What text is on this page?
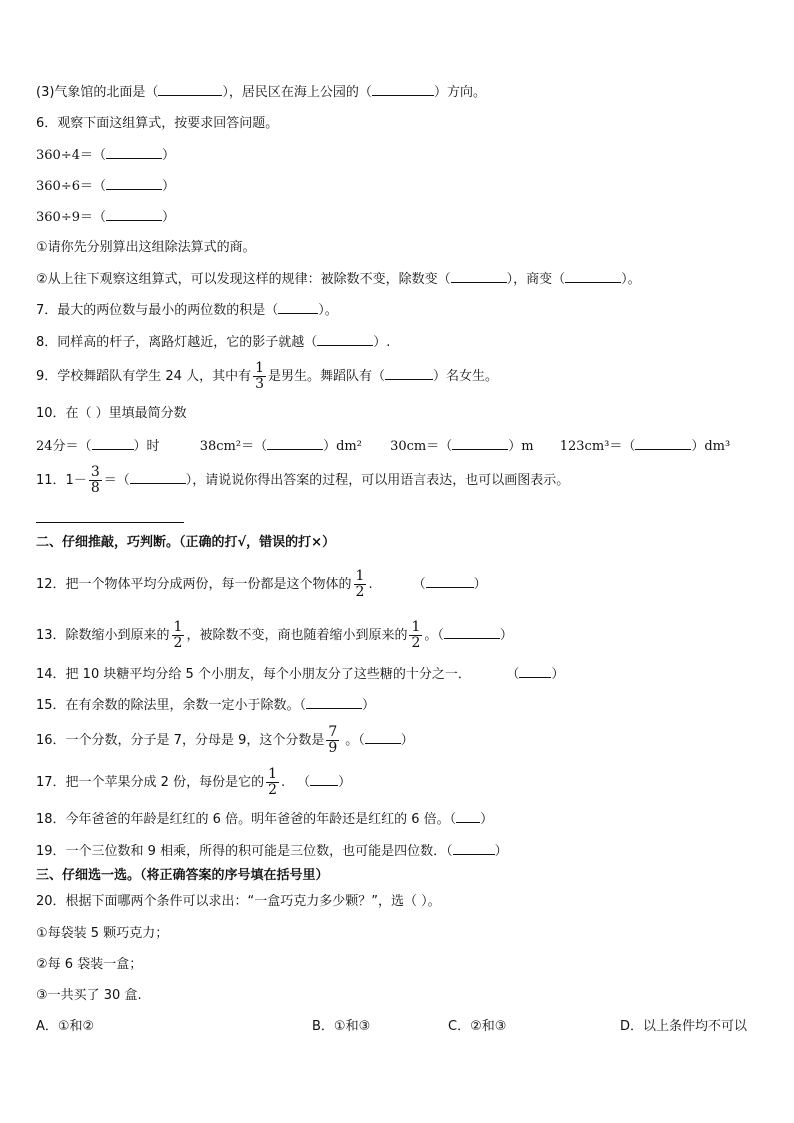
(3)气象馆的北面是（	），居民区在海上公园的（	）方向。
6．观察下面这组算式，按要求回答问题。
360÷4＝（	）
360÷6＝（	）
360÷9＝（	）
①请你先分别算出这组除法算式的商。
②从上往下观察这组算式，可以发现这样的规律：被除数不变，除数变（	），商变（	）。
7．最大的两位数与最小的两位数的积是（	）。
8．同样高的杆子，离路灯越近，它的影子就越（	）.
9．学校舞蹈队有学生 24 人，其中有 $\frac{1}{3}$ 是男生。舞蹈队有（	）名女生。
10．在（ ）里填最简分数
24分＝（	）时	38cm²＝（	）dm² 30cm＝（	）m 123cm³＝（	）dm³
11．$1- \frac{3}{8}$ ＝（	），请说说你得出答案的过程，可以用语言表达，也可以画图表示。
二、仔细推敲，巧判断。（正确的打√，错误的打×）
12．把一个物体平均分成两份，每一份都是这个物体的 $\frac{1}{2}$ .	（	）
13．除数缩小到原来的 $\frac{1}{2}$ ，被除数不变，商也随着缩小到原来的 $\frac{1}{2}$ 。（	）
14．把 10 块糖平均分给 5 个小朋友，每个小朋友分了这些糖的十分之一．	（ ）
15．在有余数的除法里，余数一定小于除数。（	）
16．一个分数，分子是 7，分母是 9，这个分数是 $\frac{7}{9}$ 。（	）
17．把一个苹果分成 2 份，每份是它的 $\frac{1}{2}$ . （ ）
18．今年爸爸的年龄是红红的 6 倍。明年爸爸的年龄还是红红的 6 倍。（ ）
19．一个三位数和 9 相乘，所得的积可能是三位数，也可能是四位数．（	）
三、仔细选一选。（将正确答案的序号填在括号里）
20．根据下面哪两个条件可以求出：“一盒巧克力多少颗？”，选（ ）。
①每袋装 5 颗巧克力；
②每 6 袋装一盒；
③一共买了 30 盒.
A．①和②	B．①和③	C．②和③	D．以上条件均不可以
